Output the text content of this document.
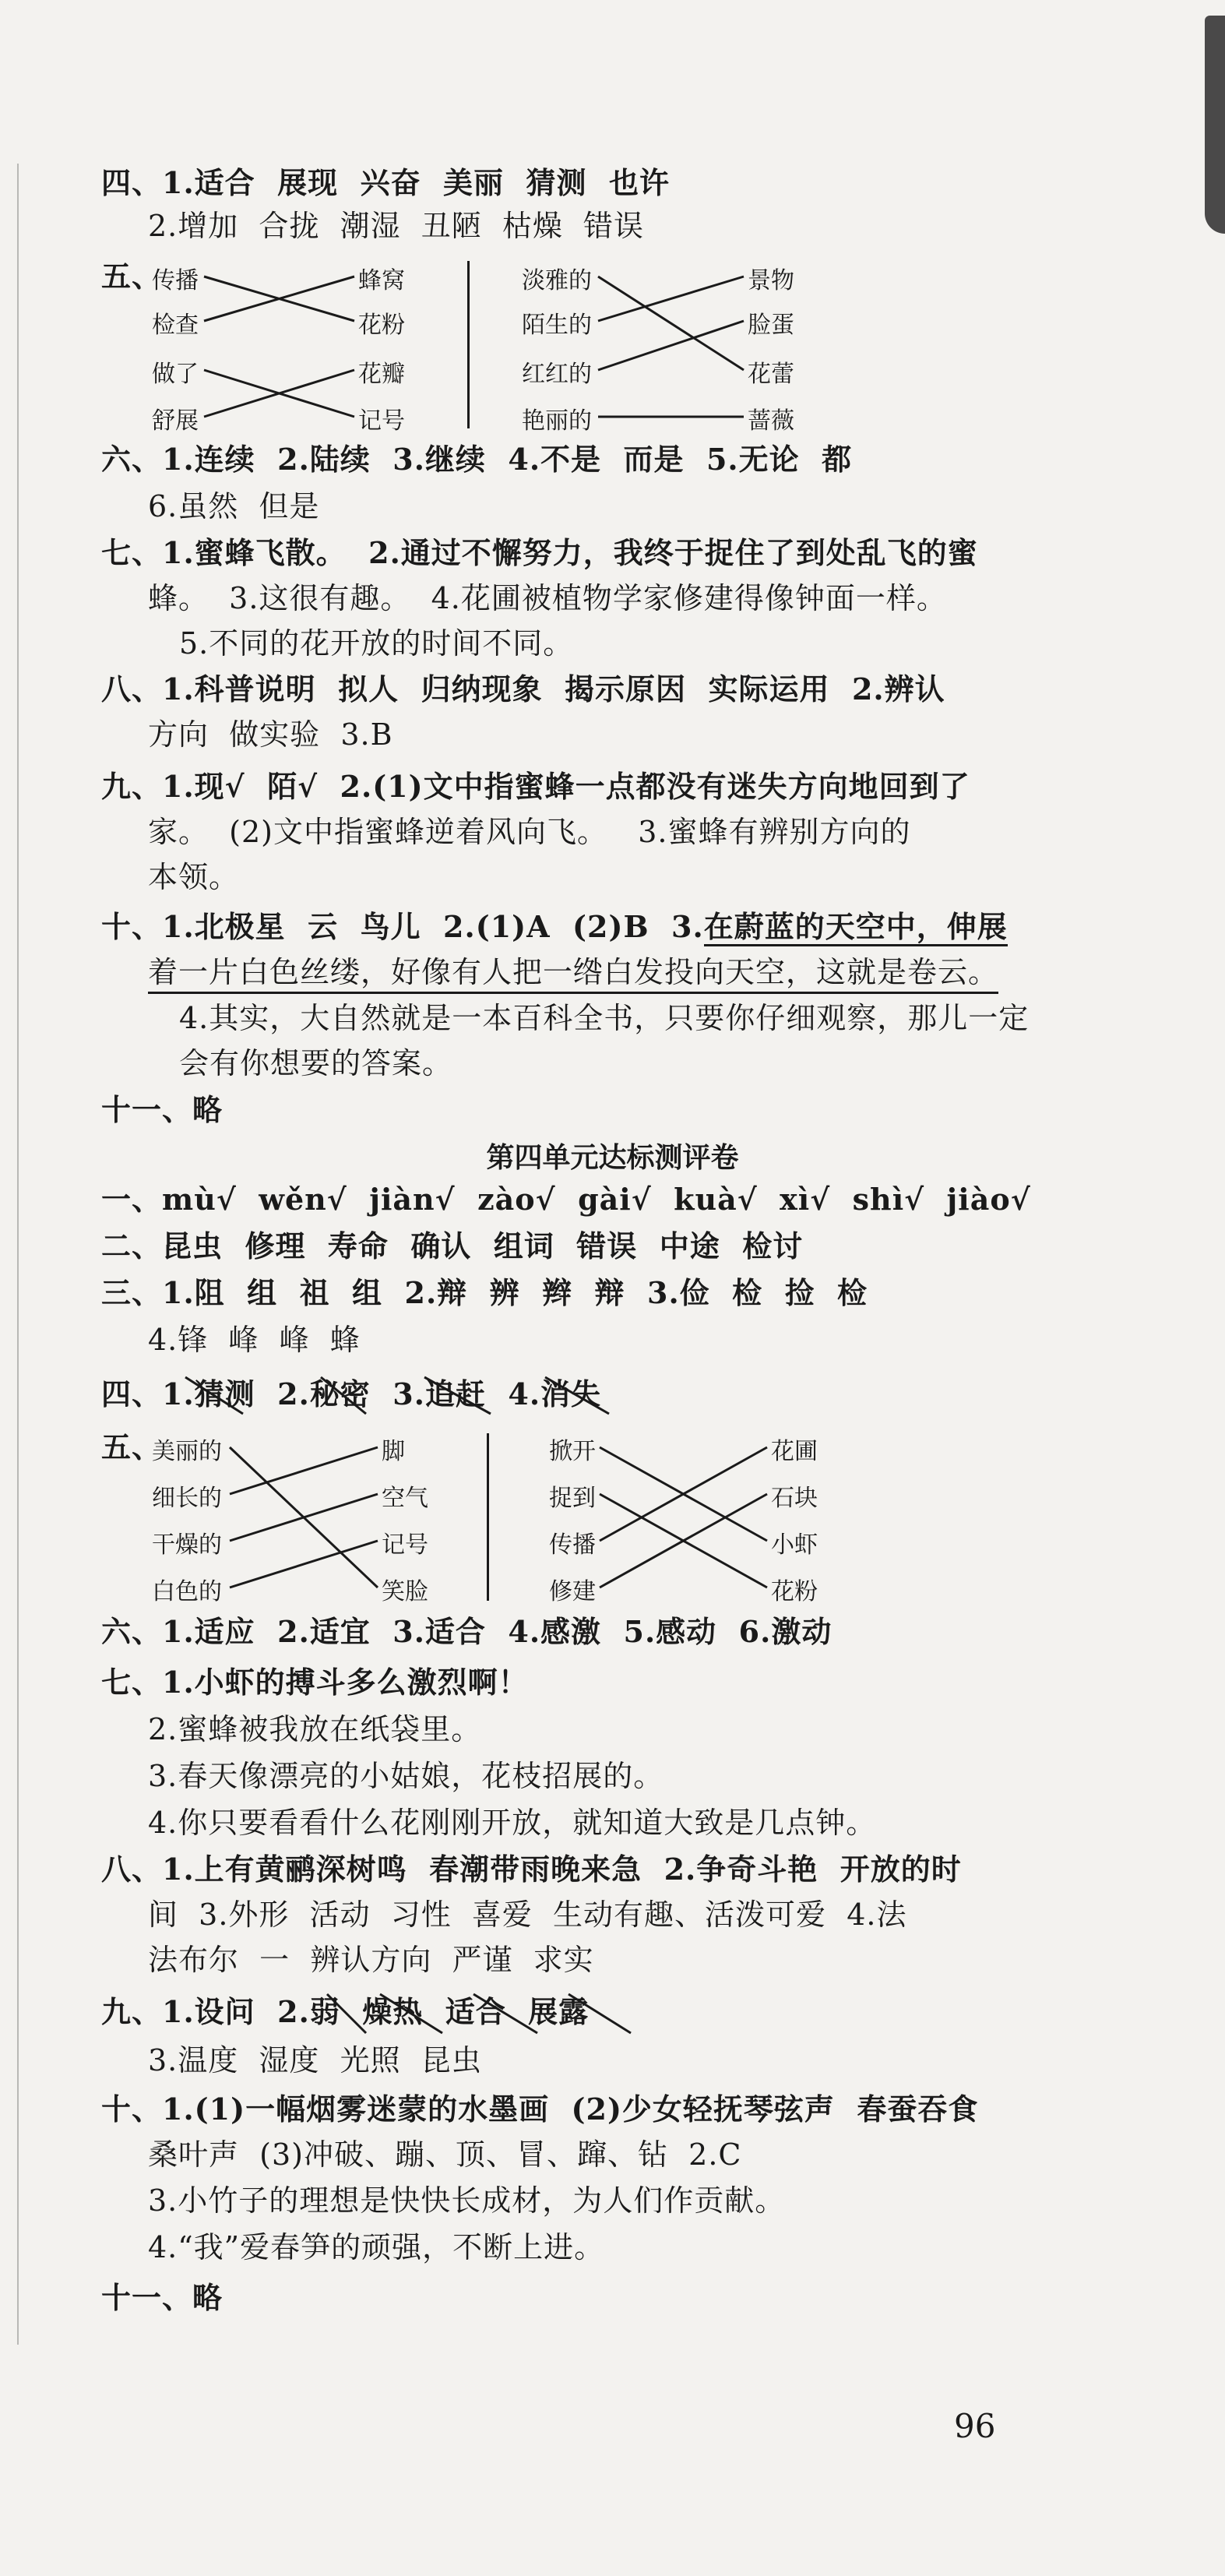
四、1.适合  展现  兴奋  美丽  猜测  也许
2.增加  合拢  潮湿  丑陋  枯燥  错误
五、
传播
检查
做了
舒展
蜂窝
花粉
花瓣
记号
淡雅的
陌生的
红红的
艳丽的
景物
脸蛋
花蕾
蔷薇
六、1.连续  2.陆续  3.继续  4.不是  而是  5.无论  都
6.虽然  但是
七、1.蜜蜂飞散。  2.通过不懈努力，我终于捉住了到处乱飞的蜜
蜂。  3.这很有趣。  4.花圃被植物学家修建得像钟面一样。
5.不同的花开放的时间不同。
八、1.科普说明  拟人  归纳现象  揭示原因  实际运用  2.辨认
方向  做实验  3.B
九、1.现√  陌√  2.(1)文中指蜜蜂一点都没有迷失方向地回到了
家。  (2)文中指蜜蜂逆着风向飞。   3.蜜蜂有辨别方向的
本领。
十、1.北极星  云  鸟儿  2.(1)A  (2)B  3.在蔚蓝的天空中，伸展
着一片白色丝缕，好像有人把一绺白发投向天空，这就是卷云。
4.其实，大自然就是一本百科全书，只要你仔细观察，那儿一定
会有你想要的答案。
十一、略
第四单元达标测评卷
一、mù√  wěn√  jiàn√  zào√  gài√  kuà√  xì√  shì√  jiào√
二、昆虫  修理  寿命  确认  组词  错误  中途  检讨
三、1.阻  组  祖  组  2.辩  辨  辫  辩  3.俭  检  捡  检
4.锋  峰  峰  蜂
四、1.猜测  2.秘密  3.追赶  4.消失
五、
美丽的
细长的
干燥的
白色的
脚
空气
记号
笑脸
掀开
捉到
传播
修建
花圃
石块
小虾
花粉
六、1.适应  2.适宜  3.适合  4.感激  5.感动  6.激动
七、1.小虾的搏斗多么激烈啊！
2.蜜蜂被我放在纸袋里。
3.春天像漂亮的小姑娘，花枝招展的。
4.你只要看看什么花刚刚开放，就知道大致是几点钟。
八、1.上有黄鹂深树鸣  春潮带雨晚来急  2.争奇斗艳  开放的时
间  3.外形  活动  习性  喜爱  生动有趣、活泼可爱  4.法
法布尔  一  辨认方向  严谨  求实
九、1.设问  2.弱  燥热  适合  展露
3.温度  湿度  光照  昆虫
十、1.(1)一幅烟雾迷蒙的水墨画  (2)少女轻抚琴弦声  春蚕吞食
桑叶声  (3)冲破、蹦、顶、冒、蹿、钻  2.C
3.小竹子的理想是快快长成材，为人们作贡献。
4.“我”爱春笋的顽强，不断上进。
十一、略
96
